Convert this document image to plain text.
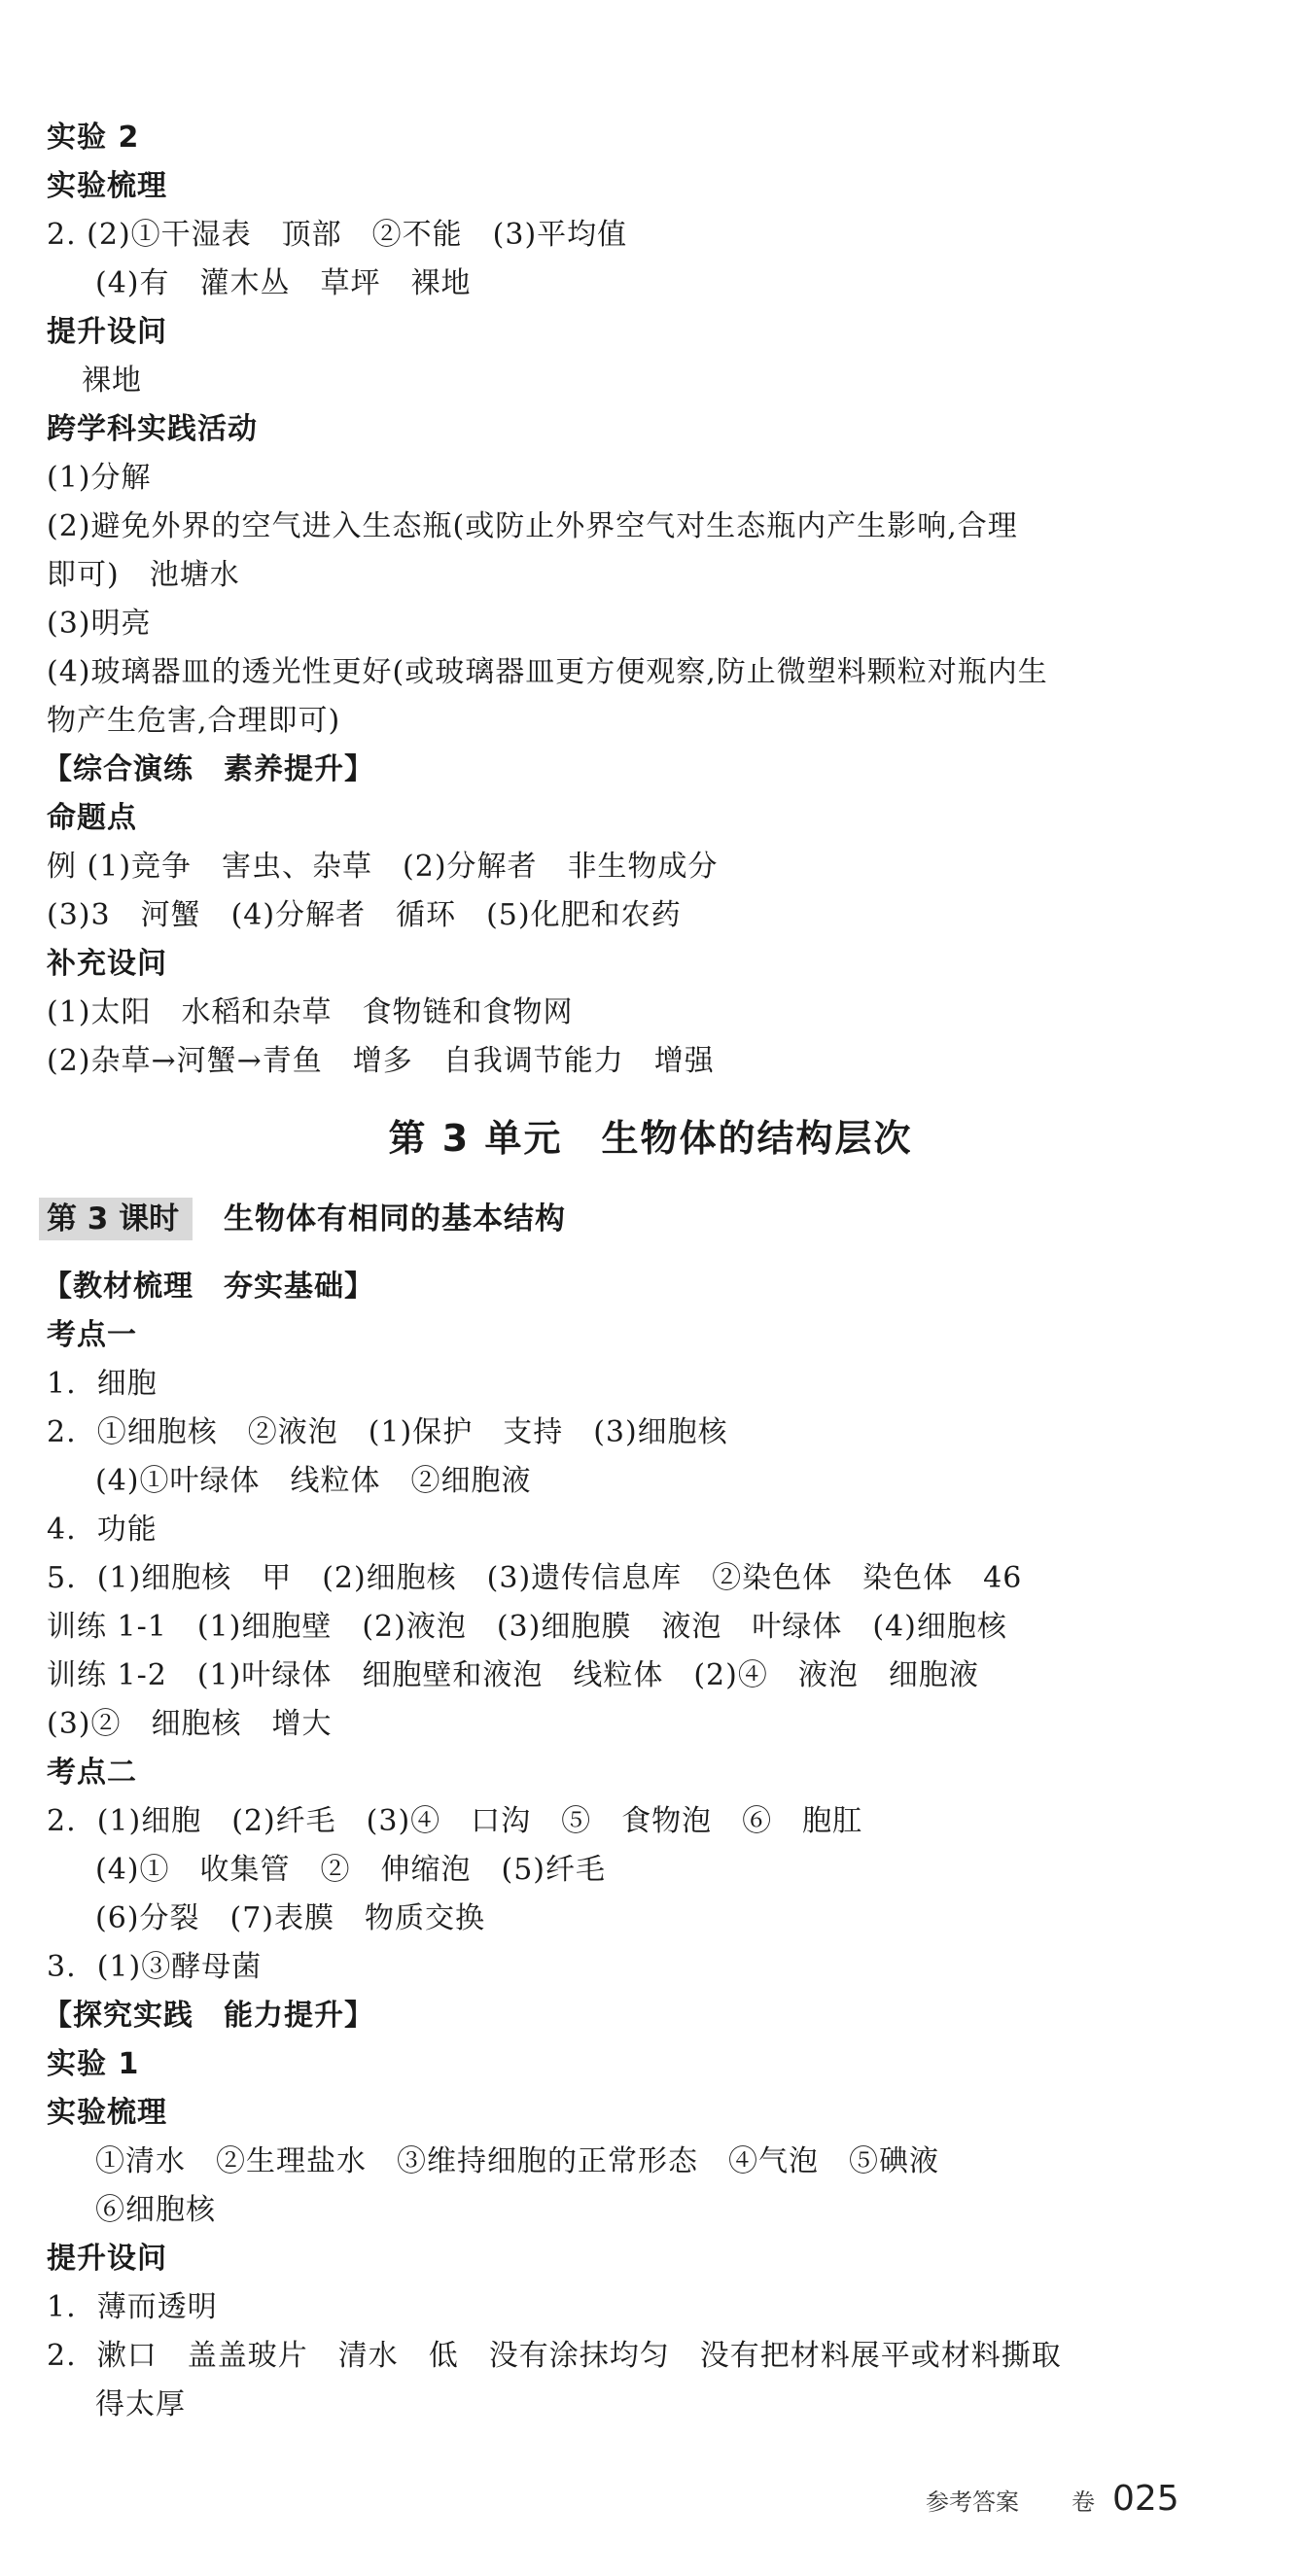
实验 2
实验梳理
2. (2)①干湿表　顶部　②不能　(3)平均值
(4)有　灌木丛　草坪　裸地
提升设问
裸地
跨学科实践活动
(1)分解
(2)避免外界的空气进入生态瓶(或防止外界空气对生态瓶内产生影响,合理
即可)　池塘水
(3)明亮
(4)玻璃器皿的透光性更好(或玻璃器皿更方便观察,防止微塑料颗粒对瓶内生
物产生危害,合理即可)
【综合演练　素养提升】
命题点
例 (1)竞争　害虫、杂草　(2)分解者　非生物成分
(3)3　河蟹　(4)分解者　循环　(5)化肥和农药
补充设问
(1)太阳　水稻和杂草　食物链和食物网
(2)杂草→河蟹→青鱼　增多　自我调节能力　增强
第 3 单元　生物体的结构层次
第 3 课时	生物体有相同的基本结构
【教材梳理　夯实基础】
考点一
1.  细胞
2.  ①细胞核　②液泡　(1)保护　支持　(3)细胞核
(4)①叶绿体　线粒体　②细胞液
4.  功能
5.  (1)细胞核　甲　(2)细胞核　(3)遗传信息库　②染色体　染色体　46
训练 1-1　(1)细胞壁　(2)液泡　(3)细胞膜　液泡　叶绿体　(4)细胞核
训练 1-2　(1)叶绿体　细胞壁和液泡　线粒体　(2)④　液泡　细胞液
(3)②　细胞核　增大
考点二
2.  (1)细胞　(2)纤毛　(3)④　口沟　⑤　食物泡　⑥　胞肛
(4)①　收集管　②　伸缩泡　(5)纤毛
(6)分裂　(7)表膜　物质交换
3.  (1)③酵母菌
【探究实践　能力提升】
实验 1
实验梳理
①清水　②生理盐水　③维持细胞的正常形态　④气泡　⑤碘液
⑥细胞核
提升设问
1.  薄而透明
2.  漱口　盖盖玻片　清水　低　没有涂抹均匀　没有把材料展平或材料撕取
得太厚
参考答案 卷 025
